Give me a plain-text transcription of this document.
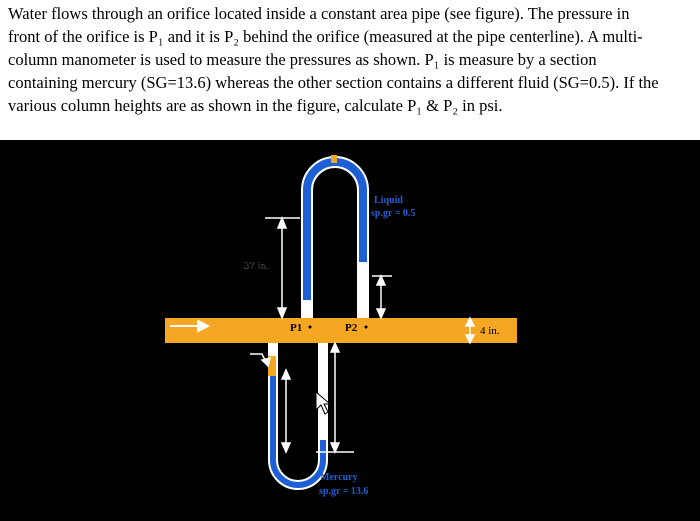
Water flows through an orifice located inside a constant area pipe (see figure). The pressure in
front of the orifice is P₁ and it is P₂ behind the orifice (measured at the pipe centerline). A multi-
column manometer is used to measure the pressures as shown. P₁ is measure by a section
containing mercury (SG=13.6) whereas the other section contains a different fluid (SG=0.5). If the
various column heights are as shown in the figure, calculate P₁ & P₂ in psi.
37 in.
12 in.
4 in.
Water	P1	P2
Liquid
sp.gr = 0.5
Vacuum
40 in.
58 in.
Mercury
sp.gr = 13.6
